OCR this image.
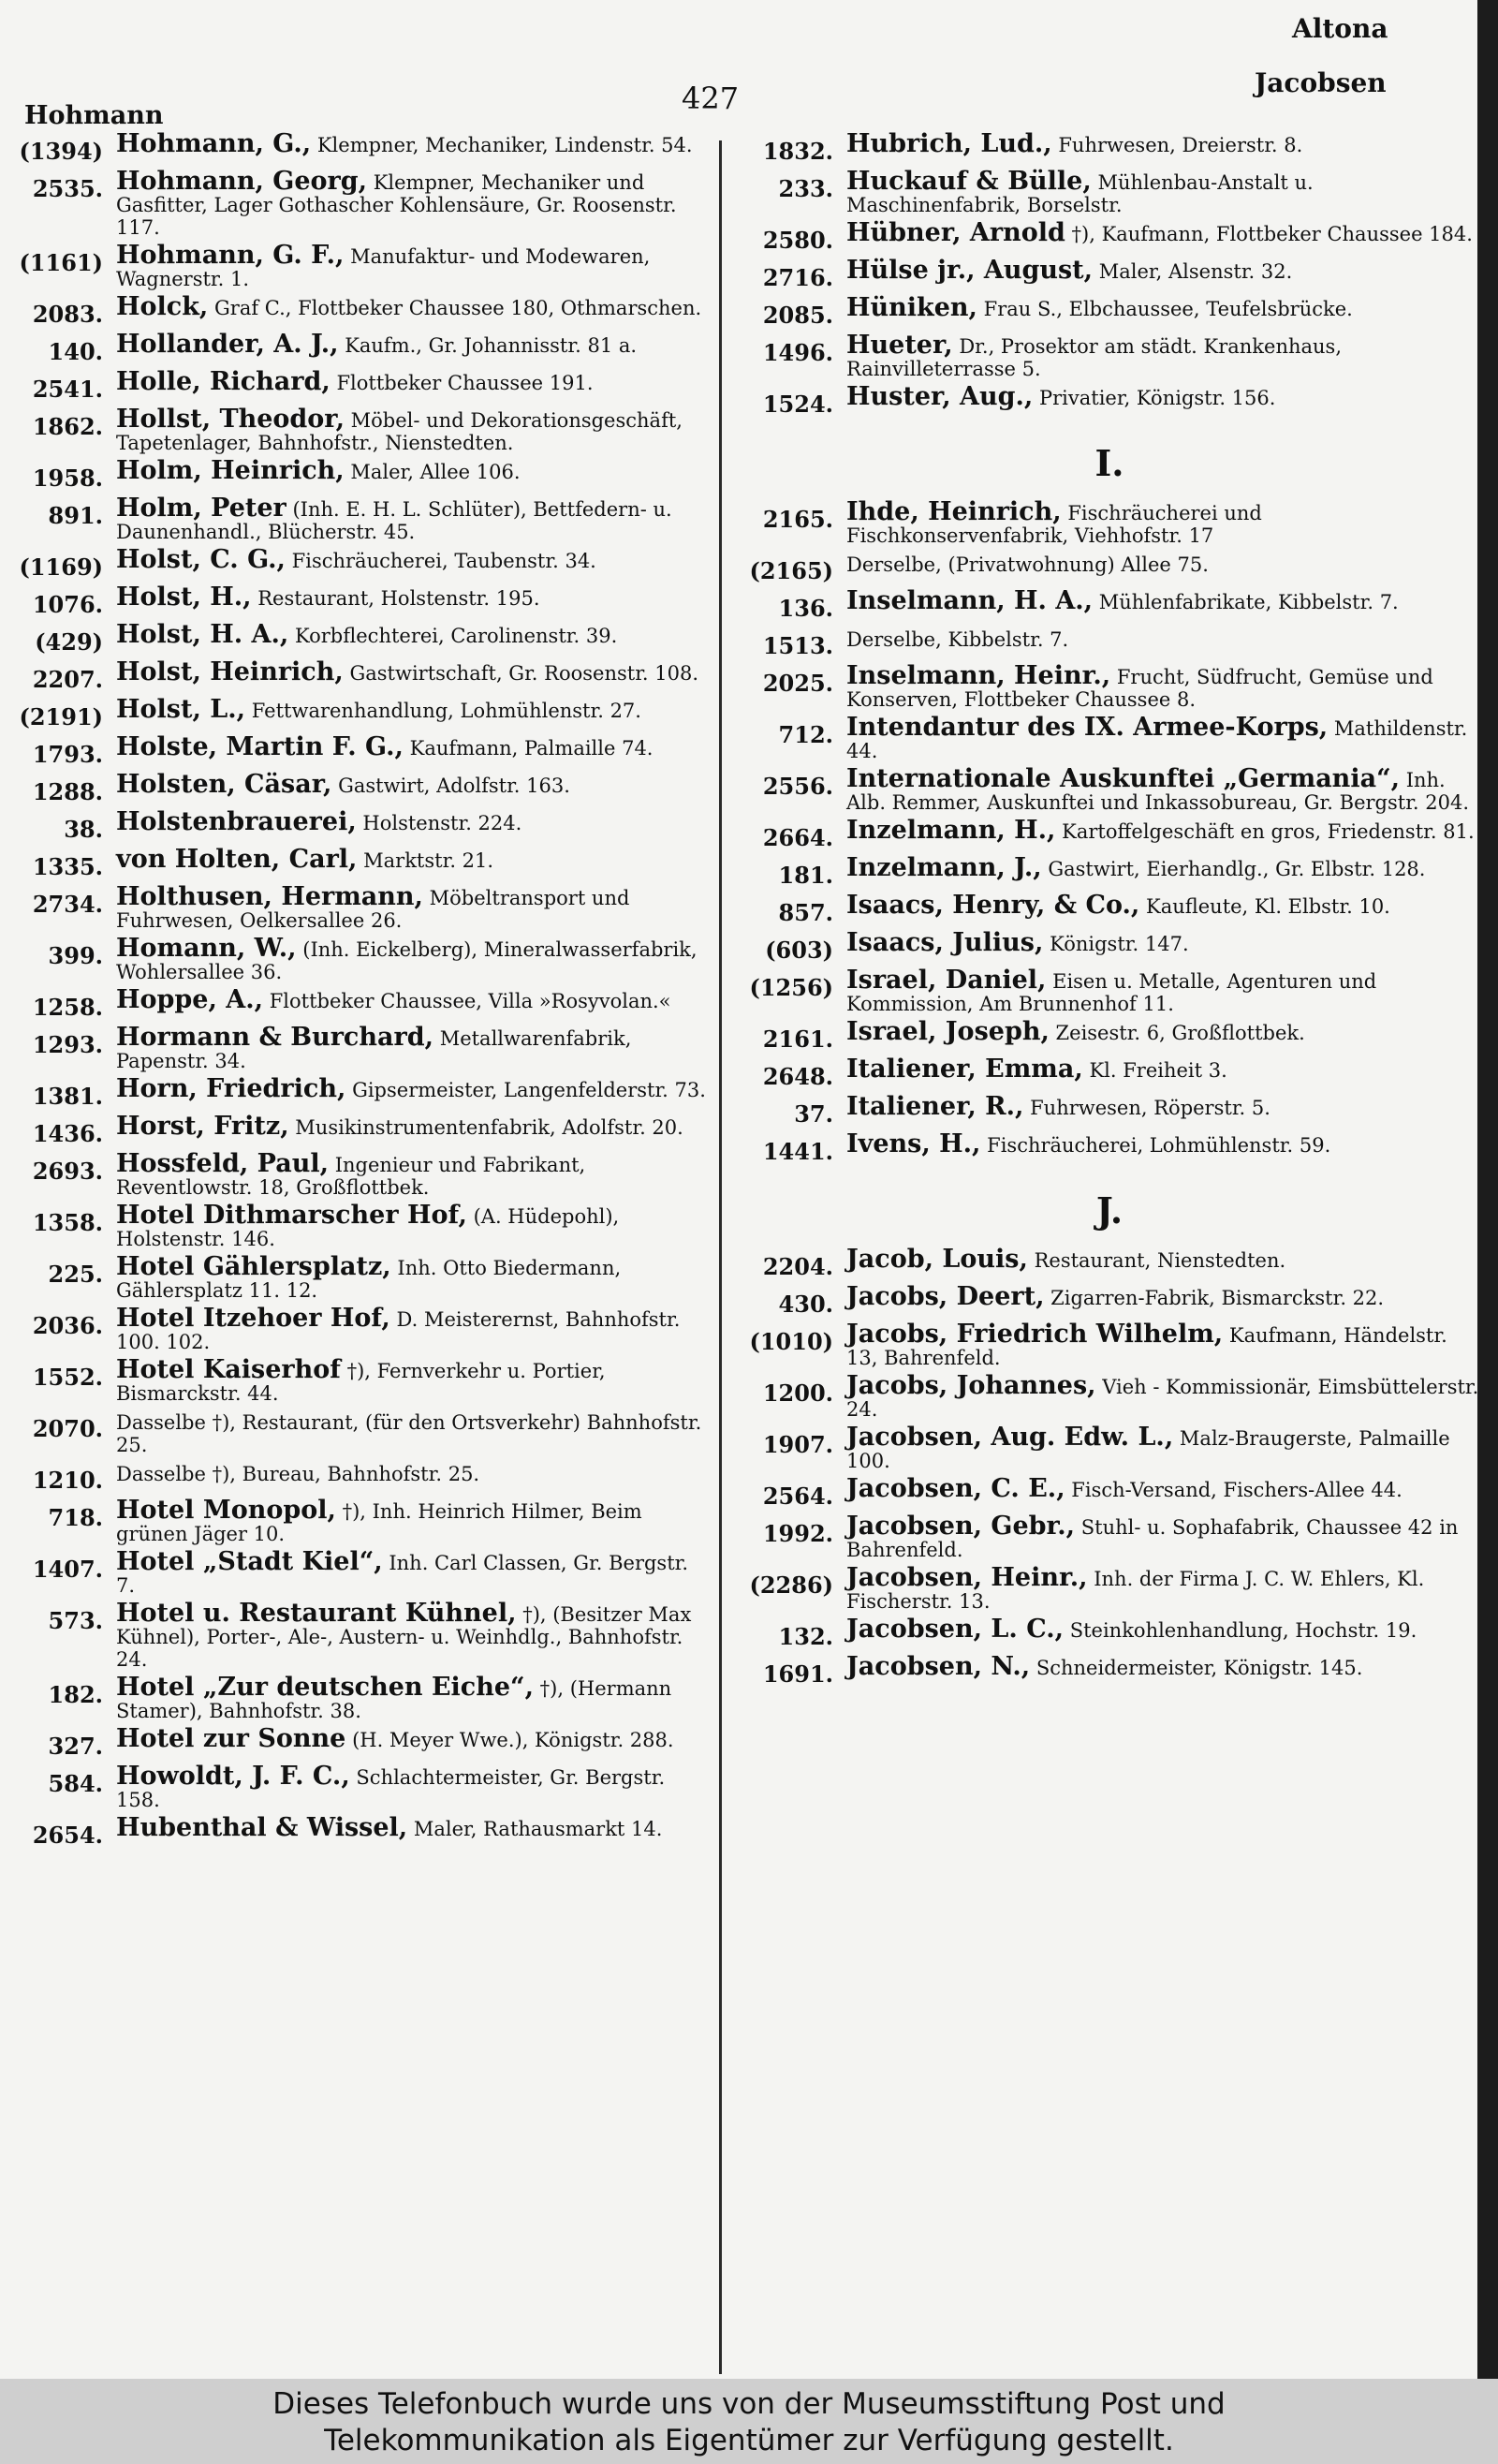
Altona
Jacobsen
427
Hohmann
(1394) Hohmann, G., Klempner, Mechaniker, Lindenstr. 54.
2535. Hohmann, Georg, Klempner, Mechaniker und Gasfitter, Lager Gothascher Kohlensäure, Gr. Roosenstr. 117.
(1161) Hohmann, G. F., Manufaktur- und Modewaren, Wagnerstr. 1.
2083. Holck, Graf C., Flottbeker Chaussee 180, Othmarschen.
140. Hollander, A. J., Kaufm., Gr. Johannisstr. 81 a.
2541. Holle, Richard, Flottbeker Chaussee 191.
1862. Hollst, Theodor, Möbel- und Dekorationsgeschäft, Tapetenlager, Bahnhofstr., Nienstedten.
1958. Holm, Heinrich, Maler, Allee 106.
891. Holm, Peter (Inh. E. H. L. Schlüter), Bettfedern- u. Daunenhandl., Blücherstr. 45.
(1169) Holst, C. G., Fischräucherei, Taubenstr. 34.
1076. Holst, H., Restaurant, Holstenstr. 195.
(429) Holst, H. A., Korbflechterei, Carolinenstr. 39.
2207. Holst, Heinrich, Gastwirtschaft, Gr. Roosenstr. 108.
(2191) Holst, L., Fettwarenhandlung, Lohmühlenstr. 27.
1793. Holste, Martin F. G., Kaufmann, Palmaille 74.
1288. Holsten, Cäsar, Gastwirt, Adolfstr. 163.
38. Holstenbrauerei, Holstenstr. 224.
1335. von Holten, Carl, Marktstr. 21.
2734. Holthusen, Hermann, Möbeltransport und Fuhrwesen, Oelkersallee 26.
399. Homann, W., (Inh. Eickelberg), Mineralwasserfabrik, Wohlersallee 36.
1258. Hoppe, A., Flottbeker Chaussee, Villa »Rosyvolan.«
1293. Hormann & Burchard, Metallwarenfabrik, Papenstr. 34.
1381. Horn, Friedrich, Gipsermeister, Langenfelderstr. 73.
1436. Horst, Fritz, Musikinstrumentenfabrik, Adolfstr. 20.
2693. Hossfeld, Paul, Ingenieur und Fabrikant, Reventlowstr. 18, Großflottbek.
1358. Hotel Dithmarscher Hof, (A. Hüdepohl), Holstenstr. 146.
225. Hotel Gählersplatz, Inh. Otto Biedermann, Gählersplatz 11. 12.
2036. Hotel Itzehoer Hof, D. Meisterernst, Bahnhofstr. 100. 102.
1552. Hotel Kaiserhof †), Fernverkehr u. Portier, Bismarckstr. 44.
2070. Dasselbe †), Restaurant, (für den Ortsverkehr) Bahnhofstr. 25.
1210. Dasselbe †), Bureau, Bahnhofstr. 25.
718. Hotel Monopol, †), Inh. Heinrich Hilmer, Beim grünen Jäger 10.
1407. Hotel „Stadt Kiel“, Inh. Carl Classen, Gr. Bergstr. 7.
573. Hotel u. Restaurant Kühnel, †), (Besitzer Max Kühnel), Porter-, Ale-, Austern- u. Weinhdlg., Bahnhofstr. 24.
182. Hotel „Zur deutschen Eiche“, †), (Hermann Stamer), Bahnhofstr. 38.
327. Hotel zur Sonne (H. Meyer Wwe.), Königstr. 288.
584. Howoldt, J. F. C., Schlachtermeister, Gr. Bergstr. 158.
2654. Hubenthal & Wissel, Maler, Rathausmarkt 14.
1832. Hubrich, Lud., Fuhrwesen, Dreierstr. 8.
233. Huckauf & Bülle, Mühlenbau-Anstalt u. Maschinenfabrik, Borselstr.
2580. Hübner, Arnold †), Kaufmann, Flottbeker Chaussee 184.
2716. Hülse jr., August, Maler, Alsenstr. 32.
2085. Hüniken, Frau S., Elbchaussee, Teufelsbrücke.
1496. Hueter, Dr., Prosektor am städt. Krankenhaus, Rainvilleterrasse 5.
1524. Huster, Aug., Privatier, Königstr. 156.
I.
2165. Ihde, Heinrich, Fischräucherei und Fischkonservenfabrik, Viehhofstr. 17
(2165) Derselbe, (Privatwohnung) Allee 75.
136. Inselmann, H. A., Mühlenfabrikate, Kibbelstr. 7.
1513. Derselbe, Kibbelstr. 7.
2025. Inselmann, Heinr., Frucht, Südfrucht, Gemüse und Konserven, Flottbeker Chaussee 8.
712. Intendantur des IX. Armee-Korps, Mathildenstr. 44.
2556. Internationale Auskunftei „Germania“, Inh. Alb. Remmer, Auskunftei und Inkassobureau, Gr. Bergstr. 204.
2664. Inzelmann, H., Kartoffelgeschäft en gros, Friedenstr. 81.
181. Inzelmann, J., Gastwirt, Eierhandlg., Gr. Elbstr. 128.
857. Isaacs, Henry, & Co., Kaufleute, Kl. Elbstr. 10.
(603) Isaacs, Julius, Königstr. 147.
(1256) Israel, Daniel, Eisen u. Metalle, Agenturen und Kommission, Am Brunnenhof 11.
2161. Israel, Joseph, Zeisestr. 6, Großflottbek.
2648. Italiener, Emma, Kl. Freiheit 3.
37. Italiener, R., Fuhrwesen, Röperstr. 5.
1441. Ivens, H., Fischräucherei, Lohmühlenstr. 59.
J.
2204. Jacob, Louis, Restaurant, Nienstedten.
430. Jacobs, Deert, Zigarren-Fabrik, Bismarckstr. 22.
(1010) Jacobs, Friedrich Wilhelm, Kaufmann, Händelstr. 13, Bahrenfeld.
1200. Jacobs, Johannes, Vieh - Kommissionär, Eimsbüttelerstr. 24.
1907. Jacobsen, Aug. Edw. L., Malz-Braugerste, Palmaille 100.
2564. Jacobsen, C. E., Fisch-Versand, Fischers-Allee 44.
1992. Jacobsen, Gebr., Stuhl- u. Sophafabrik, Chaussee 42 in Bahrenfeld.
(2286) Jacobsen, Heinr., Inh. der Firma J. C. W. Ehlers, Kl. Fischerstr. 13.
132. Jacobsen, L. C., Steinkohlenhandlung, Hochstr. 19.
1691. Jacobsen, N., Schneidermeister, Königstr. 145.
Dieses Telefonbuch wurde uns von der Museumsstiftung Post und
Telekommunikation als Eigentümer zur Verfügung gestellt.
